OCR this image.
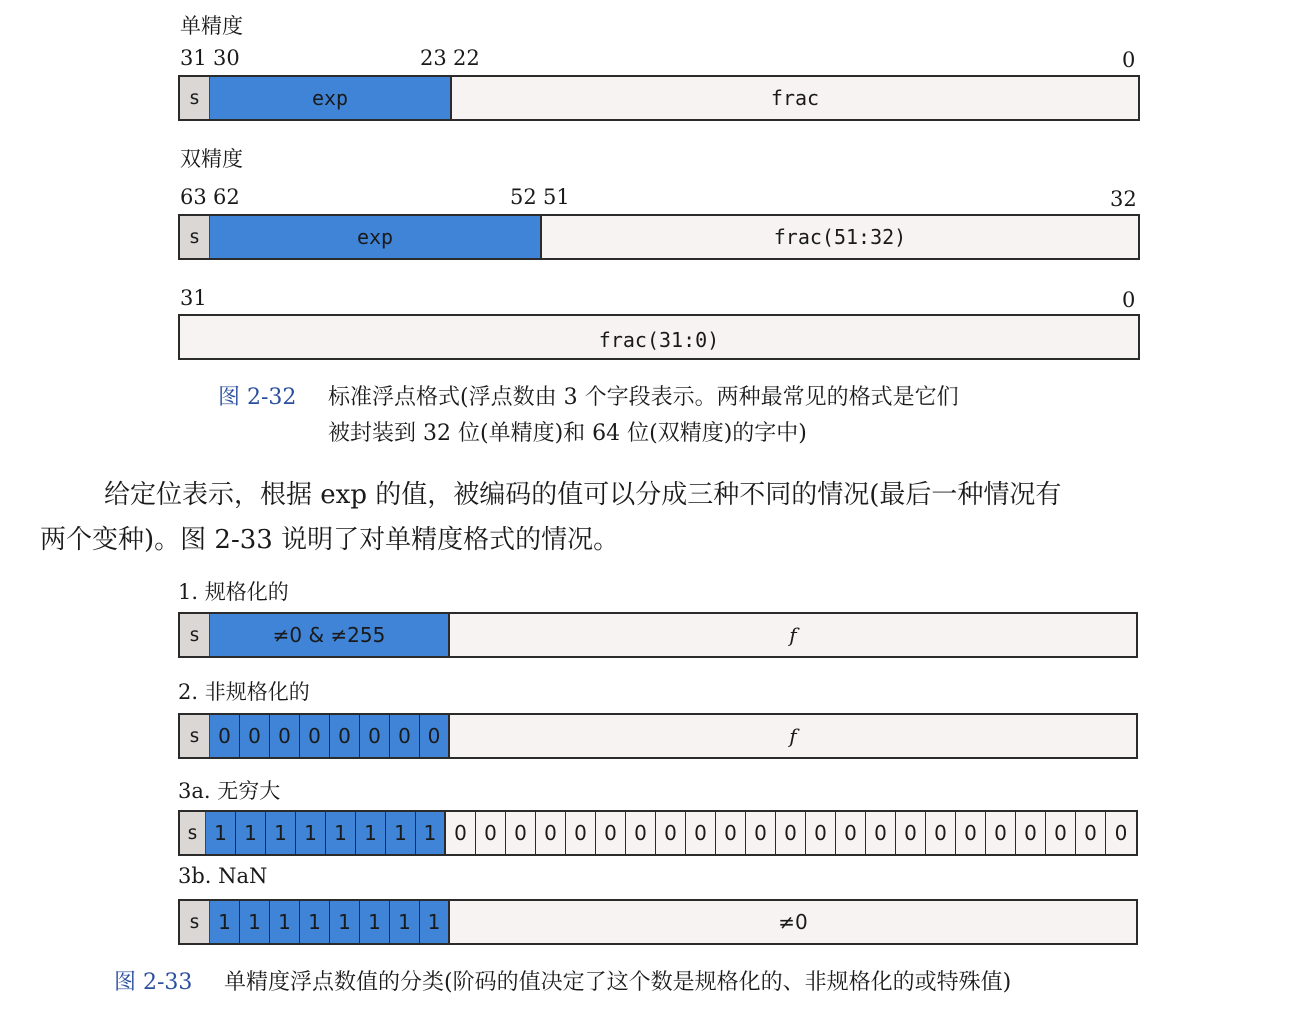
单精度
31 30	23 22	0
s	exp	frac
双精度
63 62	52 51	32
s	exp	frac(51:32)
31	0
frac(31:0)
图 2-32 标准浮点格式(浮点数由 3 个字段表示。两种最常见的格式是它们
被封装到 32 位(单精度)和 64 位(双精度)的字中)
给定位表示，根据 exp 的值，被编码的值可以分成三种不同的情况(最后一种情况有
两个变种)。图 2-33 说明了对单精度格式的情况。
1. 规格化的
s	≠0 & ≠255	f
2. 非规格化的
s 0 0 0 0 0 0 0 0	f
3a. 无穷大
s 1 1 1 1 1 1 1 1 0 0 0 0 0 0 0 0 0 0 0 0 0 0 0 0 0 0 0 0 0 0 0
3b. NaN
s 1 1 1 1 1 1 1 1	≠0
图 2-33 单精度浮点数值的分类(阶码的值决定了这个数是规格化的、非规格化的或特殊值)
